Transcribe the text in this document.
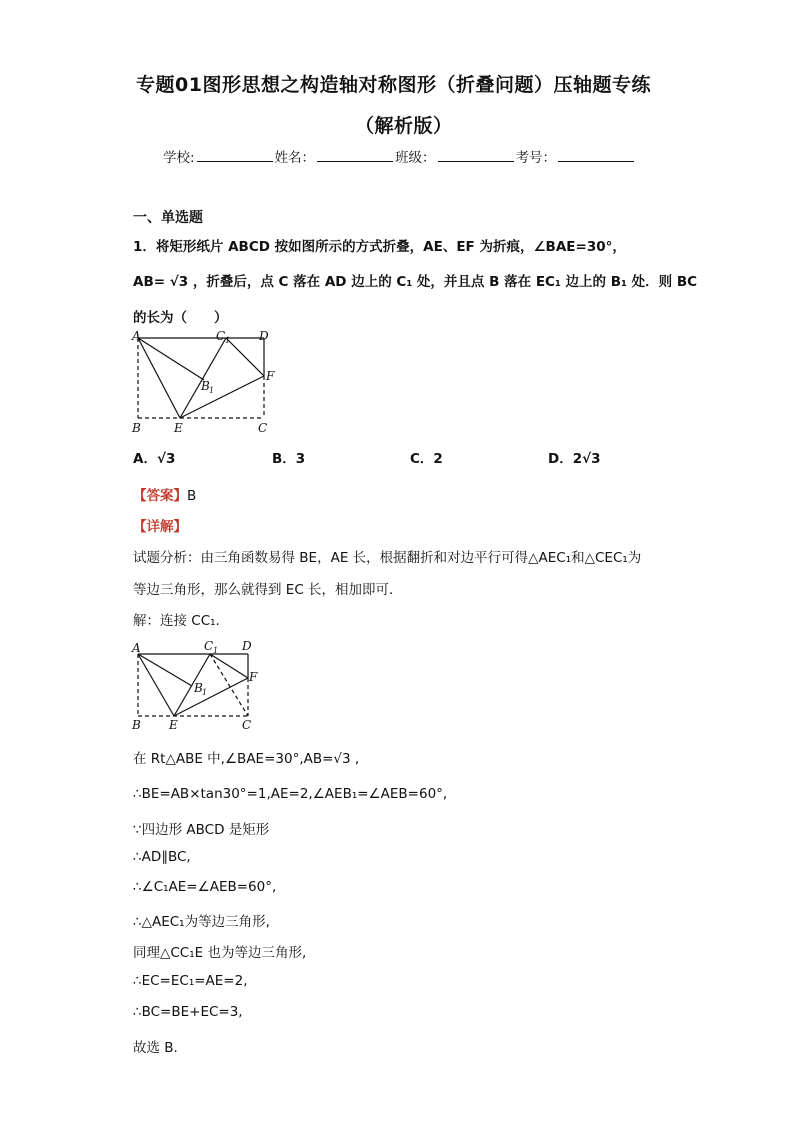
专题01图形思想之构造轴对称图形（折叠问题）压轴题专练
（解析版）
学校:	姓名：	班级：	考号：
一、单选题
1．将矩形纸片 ABCD 按如图所示的方式折叠，AE、EF 为折痕，∠BAE=30°，
AB= √3 ，折叠后，点 C 落在 AD 边上的 C₁ 处，并且点 B 落在 EC₁ 边上的 B₁ 处．则 BC
的长为（　　）
A	C 1 D
B 1
F
B	E	C
A．√3	B．3	C．2	D．2√3
【答案】B
【详解】
试题分析：由三角函数易得 BE，AE 长，根据翻折和对边平行可得△AEC₁和△CEC₁为
等边三角形，那么就得到 EC 长，相加即可．
解：连接 CC₁.
A	C 1 D
B 1
F
B E	C
在 Rt△ABE 中,∠BAE=30°,AB=√3 ,
∴BE=AB×tan30°=1,AE=2,∠AEB₁=∠AEB=60°,
∵四边形 ABCD 是矩形
∴AD∥BC,
∴∠C₁AE=∠AEB=60°,
∴△AEC₁为等边三角形,
同理△CC₁E 也为等边三角形,
∴EC=EC₁=AE=2,
∴BC=BE+EC=3,
故选 B.
